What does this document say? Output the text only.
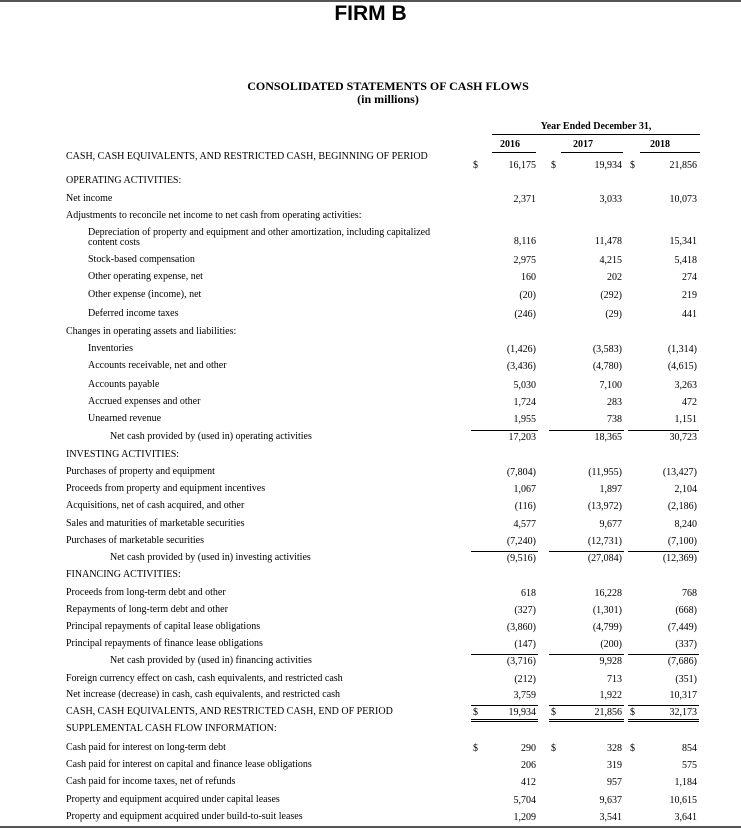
FIRM B
CONSOLIDATED STATEMENTS OF CASH FLOWS
(in millions)
Year Ended December 31,
2016	2017	2018
CASH, CASH EQUIVALENTS, AND RESTRICTED CASH, BEGINNING OF PERIOD
$	16,175 $	19,934 $	21,856
OPERATING ACTIVITIES:
Net income	2,371	3,033	10,073
Adjustments to reconcile net income to net cash from operating activities:
Depreciation of property and equipment and other amortization, including capitalized content costs	8,116	11,478	15,341
Stock-based compensation	2,975	4,215	5,418
Other operating expense, net	160	202	274
Other expense (income), net	(20)	(292)	219
Deferred income taxes	(246)	(29)	441
Changes in operating assets and liabilities:
Inventories	(1,426)	(3,583)	(1,314)
Accounts receivable, net and other	(3,436)	(4,780)	(4,615)
Accounts payable	5,030	7,100	3,263
Accrued expenses and other	1,724	283	472
Unearned revenue	1,955	738	1,151
Net cash provided by (used in) operating activities	17,203	18,365	30,723
INVESTING ACTIVITIES:
Purchases of property and equipment	(7,804)	(11,955)	(13,427)
Proceeds from property and equipment incentives	1,067	1,897	2,104
Acquisitions, net of cash acquired, and other	(116)	(13,972)	(2,186)
Sales and maturities of marketable securities	4,577	9,677	8,240
Purchases of marketable securities	(7,240)	(12,731)	(7,100)
Net cash provided by (used in) investing activities	(9,516)	(27,084)	(12,369)
FINANCING ACTIVITIES:
Proceeds from long-term debt and other	618	16,228	768
Repayments of long-term debt and other	(327)	(1,301)	(668)
Principal repayments of capital lease obligations	(3,860)	(4,799)	(7,449)
Principal repayments of finance lease obligations	(147)	(200)	(337)
Net cash provided by (used in) financing activities	(3,716)	9,928	(7,686)
Foreign currency effect on cash, cash equivalents, and restricted cash	(212)	713	(351)
Net increase (decrease) in cash, cash equivalents, and restricted cash	3,759	1,922	10,317
CASH, CASH EQUIVALENTS, AND RESTRICTED CASH, END OF PERIOD	$	19,934 $	21,856 $	32,173
SUPPLEMENTAL CASH FLOW INFORMATION:
Cash paid for interest on long-term debt	$	290 $	328 $	854
Cash paid for interest on capital and finance lease obligations	206	319	575
Cash paid for income taxes, net of refunds	412	957	1,184
Property and equipment acquired under capital leases	5,704	9,637	10,615
Property and equipment acquired under build-to-suit leases	1,209	3,541	3,641
